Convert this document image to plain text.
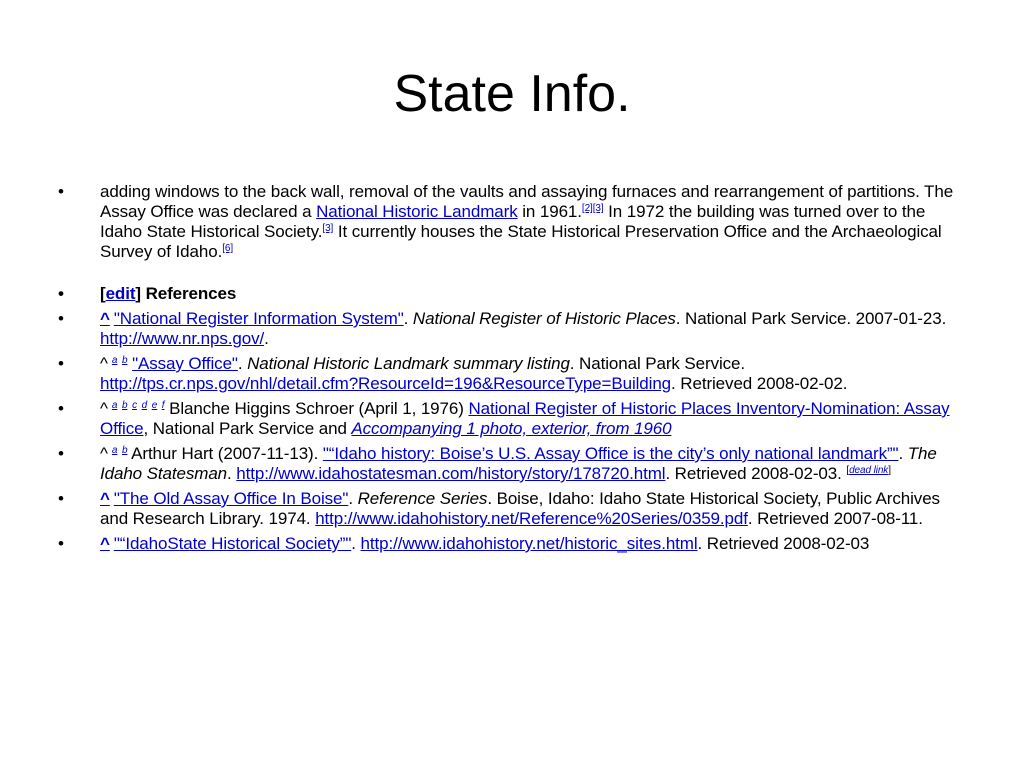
State Info.
•	adding windows to the back wall, removal of the vaults and assaying furnaces and rearrangement of partitions. The Assay Office was declared a National Historic Landmark in 1961.[2][3] In 1972 the building was turned over to the Idaho State Historical Society.[3] It currently houses the State Historical Preservation Office and the Archaeological Survey of Idaho.[6]
•	[edit] References
•	^ "National Register Information System". National Register of Historic Places. National Park Service. 2007-01-23. http://www.nr.nps.gov/.
•	^ $^a$ $^b$ "Assay Office". National Historic Landmark summary listing. National Park Service. http://tps.cr.nps.gov/nhl/detail.cfm?ResourceId=196&ResourceType=Building. Retrieved 2008-02-02.
•	^ $^a$ $^b$ $^c$ $^d$ $^e$ $^f$ Blanche Higgins Schroer (April 1, 1976) National Register of Historic Places Inventory-Nomination: Assay Office, National Park Service and Accompanying 1 photo, exterior, from 1960
•	^ $^a$ $^b$ Arthur Hart (2007-11-13). "“Idaho history: Boise’s U.S. Assay Office is the city’s only national landmark”". The Idaho Statesman. http://www.idahostatesman.com/history/story/178720.html. Retrieved 2008-02-03. [dead link]
•	^ "The Old Assay Office In Boise". Reference Series. Boise, Idaho: Idaho State Historical Society, Public Archives and Research Library. 1974. http://www.idahohistory.net/Reference%20Series/0359.pdf. Retrieved 2007-08-11.
•	^ "“IdahoState Historical Society”". http://www.idahohistory.net/historic_sites.html. Retrieved 2008-02-03
